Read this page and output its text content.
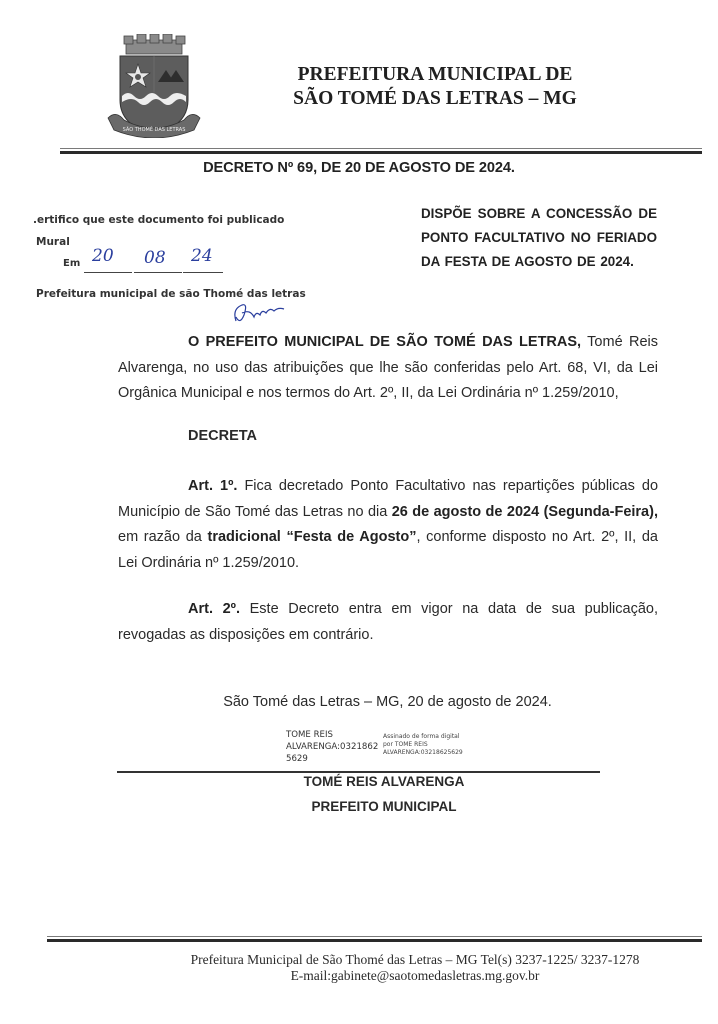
SÃO THOMÉ DAS LETRAS
PREFEITURA MUNICIPAL DE
SÃO TOMÉ DAS LETRAS – MG
DECRETO Nº 69, DE 20 DE AGOSTO DE 2024.
.ertifico que este documento foi publicado
Mural
Em 20 08 24
Prefeitura municipal de são Thomé das letras
DISPÕE SOBRE A CONCESSÃO DE PONTO FACULTATIVO NO FERIADO DA FESTA DE AGOSTO DE 2024.
O PREFEITO MUNICIPAL DE SÃO TOMÉ DAS LETRAS, Tomé Reis Alvarenga, no uso das atribuições que lhe são conferidas pelo Art. 68, VI, da Lei Orgânica Municipal e nos termos do Art. 2º, II, da Lei Ordinária nº 1.259/2010,
DECRETA
Art. 1º. Fica decretado Ponto Facultativo nas repartições públicas do Município de São Tomé das Letras no dia 26 de agosto de 2024 (Segunda-Feira), em razão da tradicional “Festa de Agosto”, conforme disposto no Art. 2º, II, da Lei Ordinária nº 1.259/2010.
Art. 2º. Este Decreto entra em vigor na data de sua publicação, revogadas as disposições em contrário.
São Tomé das Letras – MG, 20 de agosto de 2024.
TOME REIS
ALVARENGA:0321862
5629
Assinado de forma digital
por TOME REIS
ALVARENGA:03218625629
TOMÉ REIS ALVARENGA
PREFEITO MUNICIPAL
Prefeitura Municipal de São Thomé das Letras – MG Tel(s) 3237-1225/ 3237-1278
E-mail:gabinete@saotomedasletras.mg.gov.br
